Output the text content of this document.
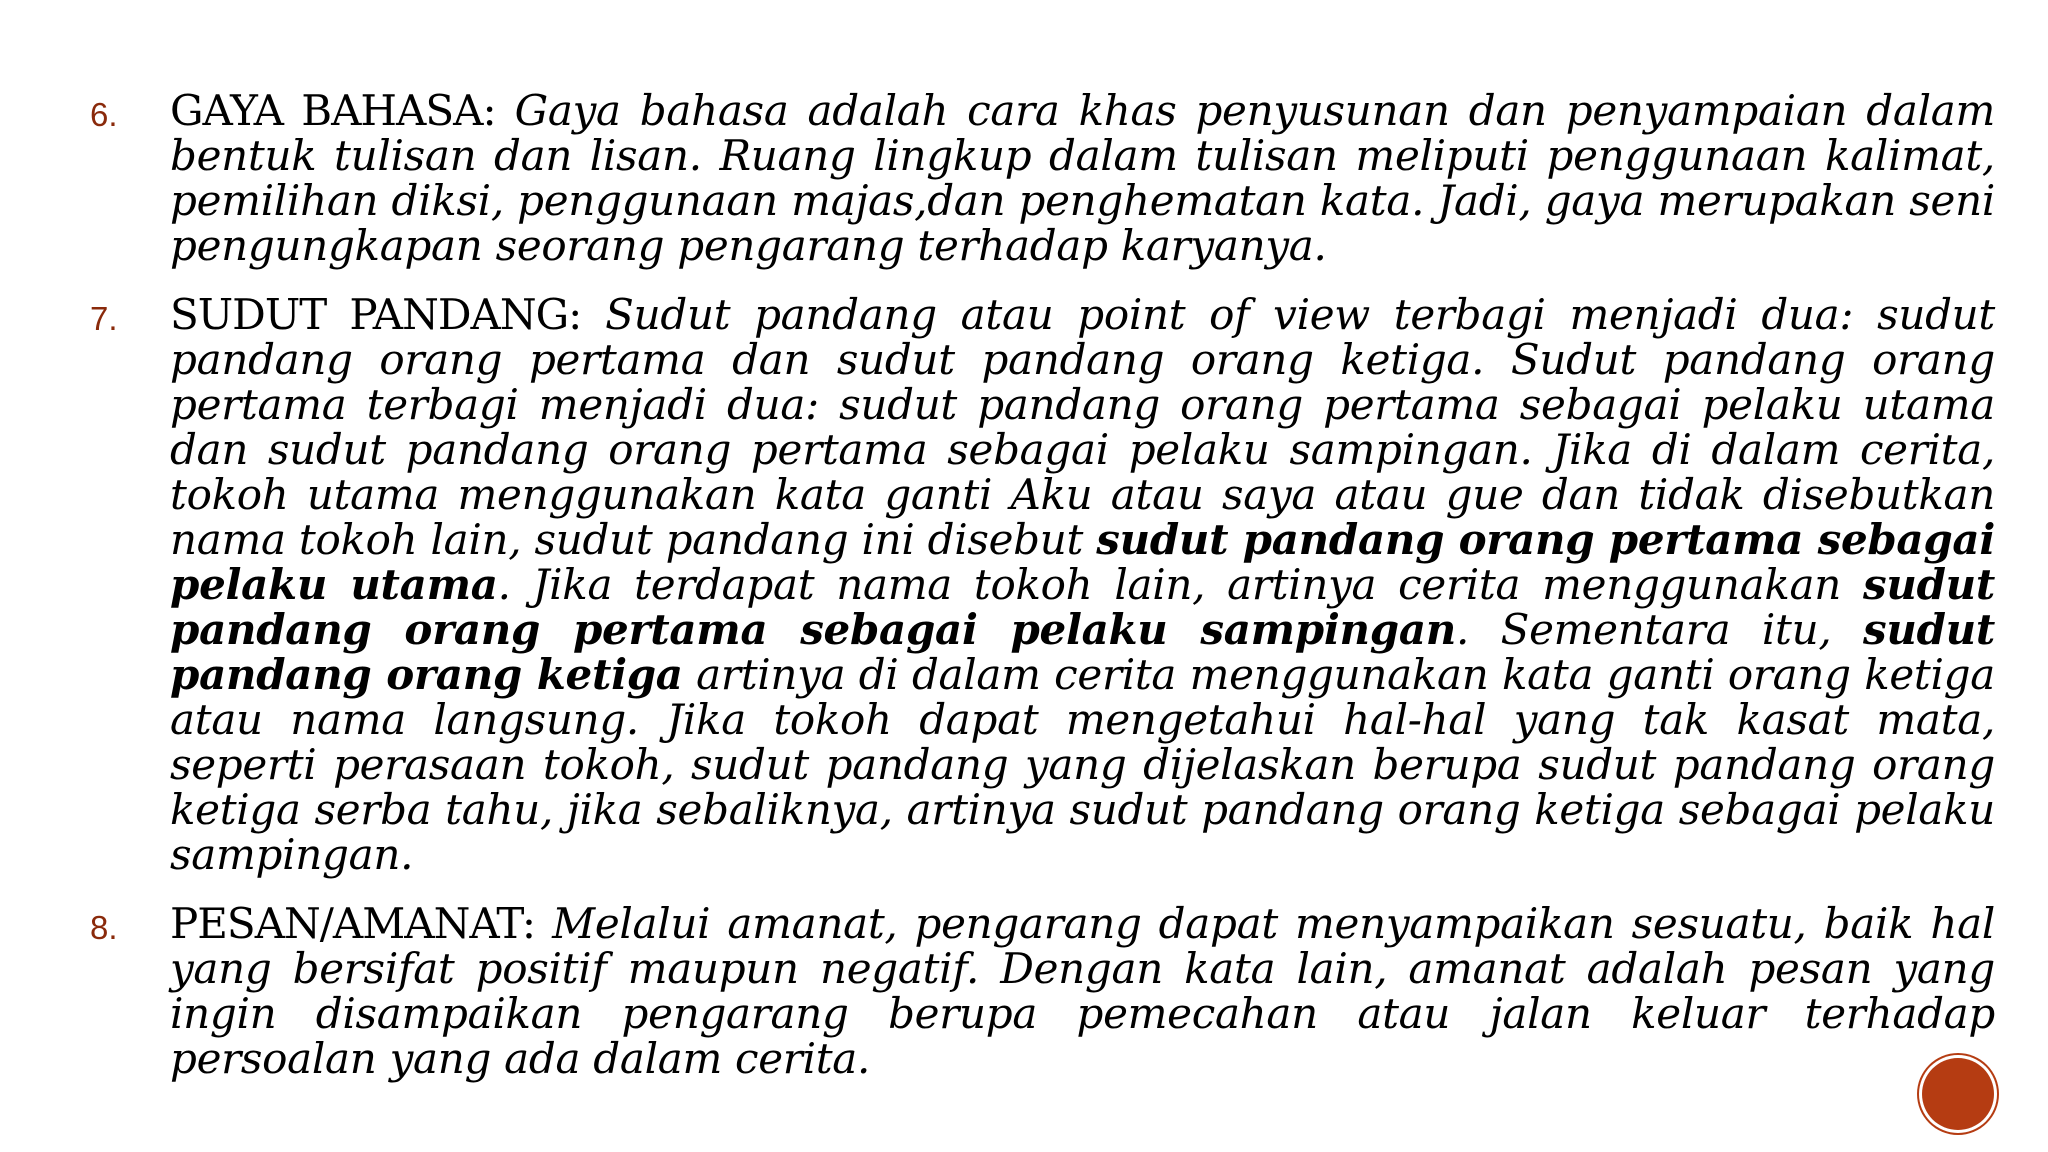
6. GAYA BAHASA: Gaya bahasa adalah cara khas penyusunan dan penyampaian dalam bentuk tulisan dan lisan. Ruang lingkup dalam tulisan meliputi penggunaan kalimat, pemilihan diksi, penggunaan majas,dan penghematan kata. Jadi, gaya merupakan seni pengungkapan seorang pengarang terhadap karyanya.
7. SUDUT PANDANG: Sudut pandang atau point of view terbagi menjadi dua: sudut pandang orang pertama dan sudut pandang orang ketiga. Sudut pandang orang pertama terbagi menjadi dua: sudut pandang orang pertama sebagai pelaku utama dan sudut pandang orang pertama sebagai pelaku sampingan. Jika di dalam cerita, tokoh utama menggunakan kata ganti Aku atau saya atau gue dan tidak disebutkan nama tokoh lain, sudut pandang ini disebut sudut pandang orang pertama sebagai pelaku utama. Jika terdapat nama tokoh lain, artinya cerita menggunakan sudut pandang orang pertama sebagai pelaku sampingan. Sementara itu, sudut pandang orang ketiga artinya di dalam cerita menggunakan kata ganti orang ketiga atau nama langsung. Jika tokoh dapat mengetahui hal-hal yang tak kasat mata, seperti perasaan tokoh, sudut pandang yang dijelaskan berupa sudut pandang orang ketiga serba tahu, jika sebaliknya, artinya sudut pandang orang ketiga sebagai pelaku sampingan.
8. PESAN/AMANAT: Melalui amanat, pengarang dapat menyampaikan sesuatu, baik hal yang bersifat positif maupun negatif. Dengan kata lain, amanat adalah pesan yang ingin disampaikan pengarang berupa pemecahan atau jalan keluar terhadap persoalan yang ada dalam cerita.
